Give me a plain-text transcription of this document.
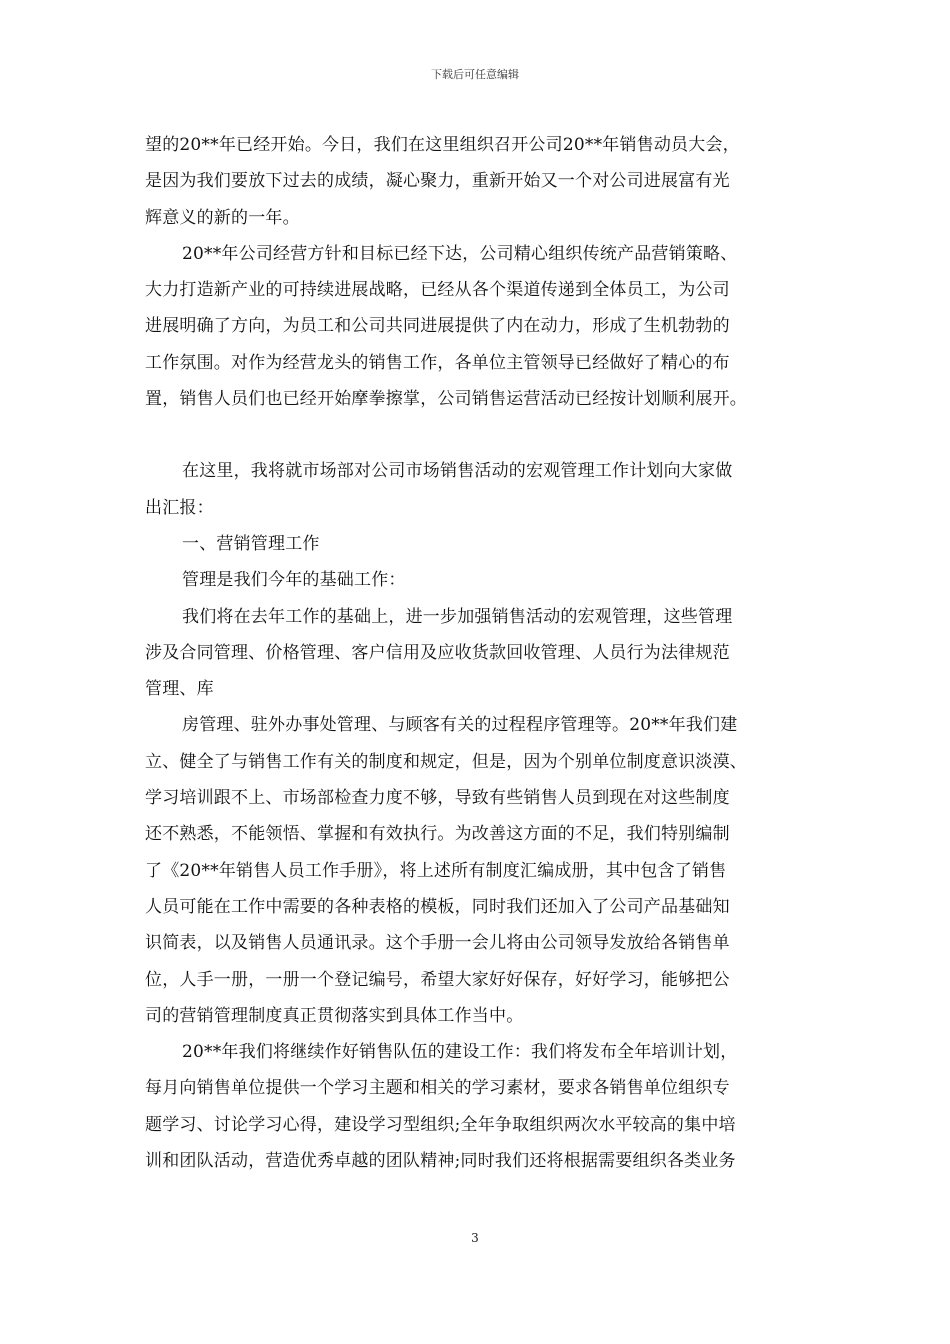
下载后可任意编辑
望的20**年已经开始。今日，我们在这里组织召开公司20**年销售动员大会，
是因为我们要放下过去的成绩，凝心聚力，重新开始又一个对公司进展富有光
辉意义的新的一年。
20**年公司经营方针和目标已经下达，公司精心组织传统产品营销策略、
大力打造新产业的可持续进展战略，已经从各个渠道传递到全体员工，为公司
进展明确了方向，为员工和公司共同进展提供了内在动力，形成了生机勃勃的
工作氛围。对作为经营龙头的销售工作，各单位主管领导已经做好了精心的布
置，销售人员们也已经开始摩拳擦掌，公司销售运营活动已经按计划顺利展开。
在这里，我将就市场部对公司市场销售活动的宏观管理工作计划向大家做
出汇报：
一、营销管理工作
管理是我们今年的基础工作：
我们将在去年工作的基础上，进一步加强销售活动的宏观管理，这些管理
涉及合同管理、价格管理、客户信用及应收货款回收管理、人员行为法律规范
管理、库
房管理、驻外办事处管理、与顾客有关的过程程序管理等。20**年我们建
立、健全了与销售工作有关的制度和规定，但是，因为个别单位制度意识淡漠、
学习培训跟不上、市场部检查力度不够，导致有些销售人员到现在对这些制度
还不熟悉，不能领悟、掌握和有效执行。为改善这方面的不足，我们特别编制
了《20**年销售人员工作手册》，将上述所有制度汇编成册，其中包含了销售
人员可能在工作中需要的各种表格的模板，同时我们还加入了公司产品基础知
识简表，以及销售人员通讯录。这个手册一会儿将由公司领导发放给各销售单
位，人手一册，一册一个登记编号，希望大家好好保存，好好学习，能够把公
司的营销管理制度真正贯彻落实到具体工作当中。
20**年我们将继续作好销售队伍的建设工作：我们将发布全年培训计划，
每月向销售单位提供一个学习主题和相关的学习素材，要求各销售单位组织专
题学习、讨论学习心得，建设学习型组织;全年争取组织两次水平较高的集中培
训和团队活动，营造优秀卓越的团队精神;同时我们还将根据需要组织各类业务
3
